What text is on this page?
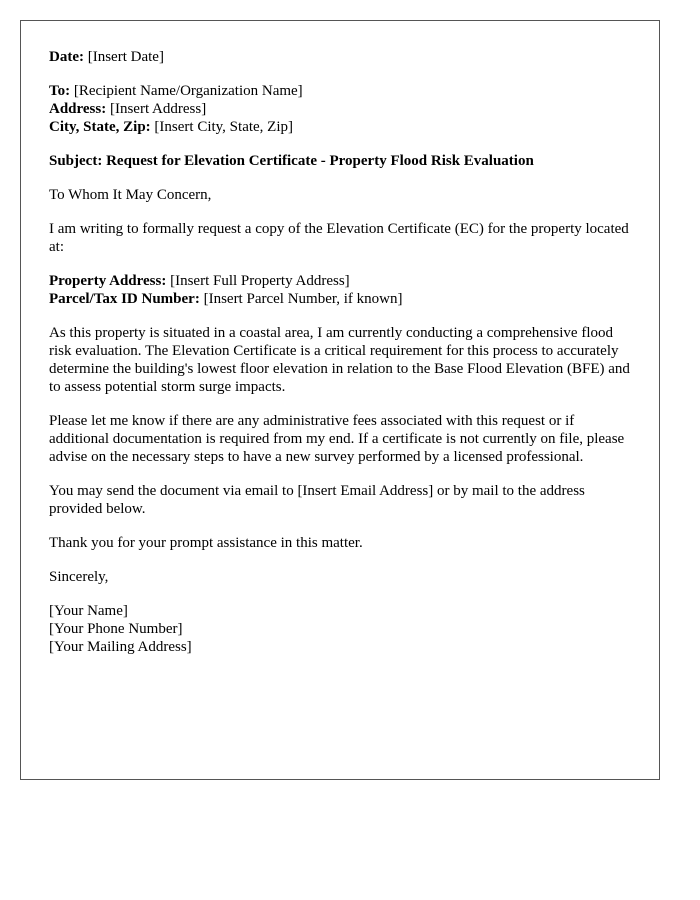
Date: [Insert Date]
To: [Recipient Name/Organization Name]
Address: [Insert Address]
City, State, Zip: [Insert City, State, Zip]
Subject: Request for Elevation Certificate - Property Flood Risk Evaluation
To Whom It May Concern,
I am writing to formally request a copy of the Elevation Certificate (EC) for the property located at:
Property Address: [Insert Full Property Address]
Parcel/Tax ID Number: [Insert Parcel Number, if known]
As this property is situated in a coastal area, I am currently conducting a comprehensive flood risk evaluation. The Elevation Certificate is a critical requirement for this process to accurately determine the building's lowest floor elevation in relation to the Base Flood Elevation (BFE) and to assess potential storm surge impacts.
Please let me know if there are any administrative fees associated with this request or if additional documentation is required from my end. If a certificate is not currently on file, please advise on the necessary steps to have a new survey performed by a licensed professional.
You may send the document via email to [Insert Email Address] or by mail to the address provided below.
Thank you for your prompt assistance in this matter.
Sincerely,
[Your Name]
[Your Phone Number]
[Your Mailing Address]
